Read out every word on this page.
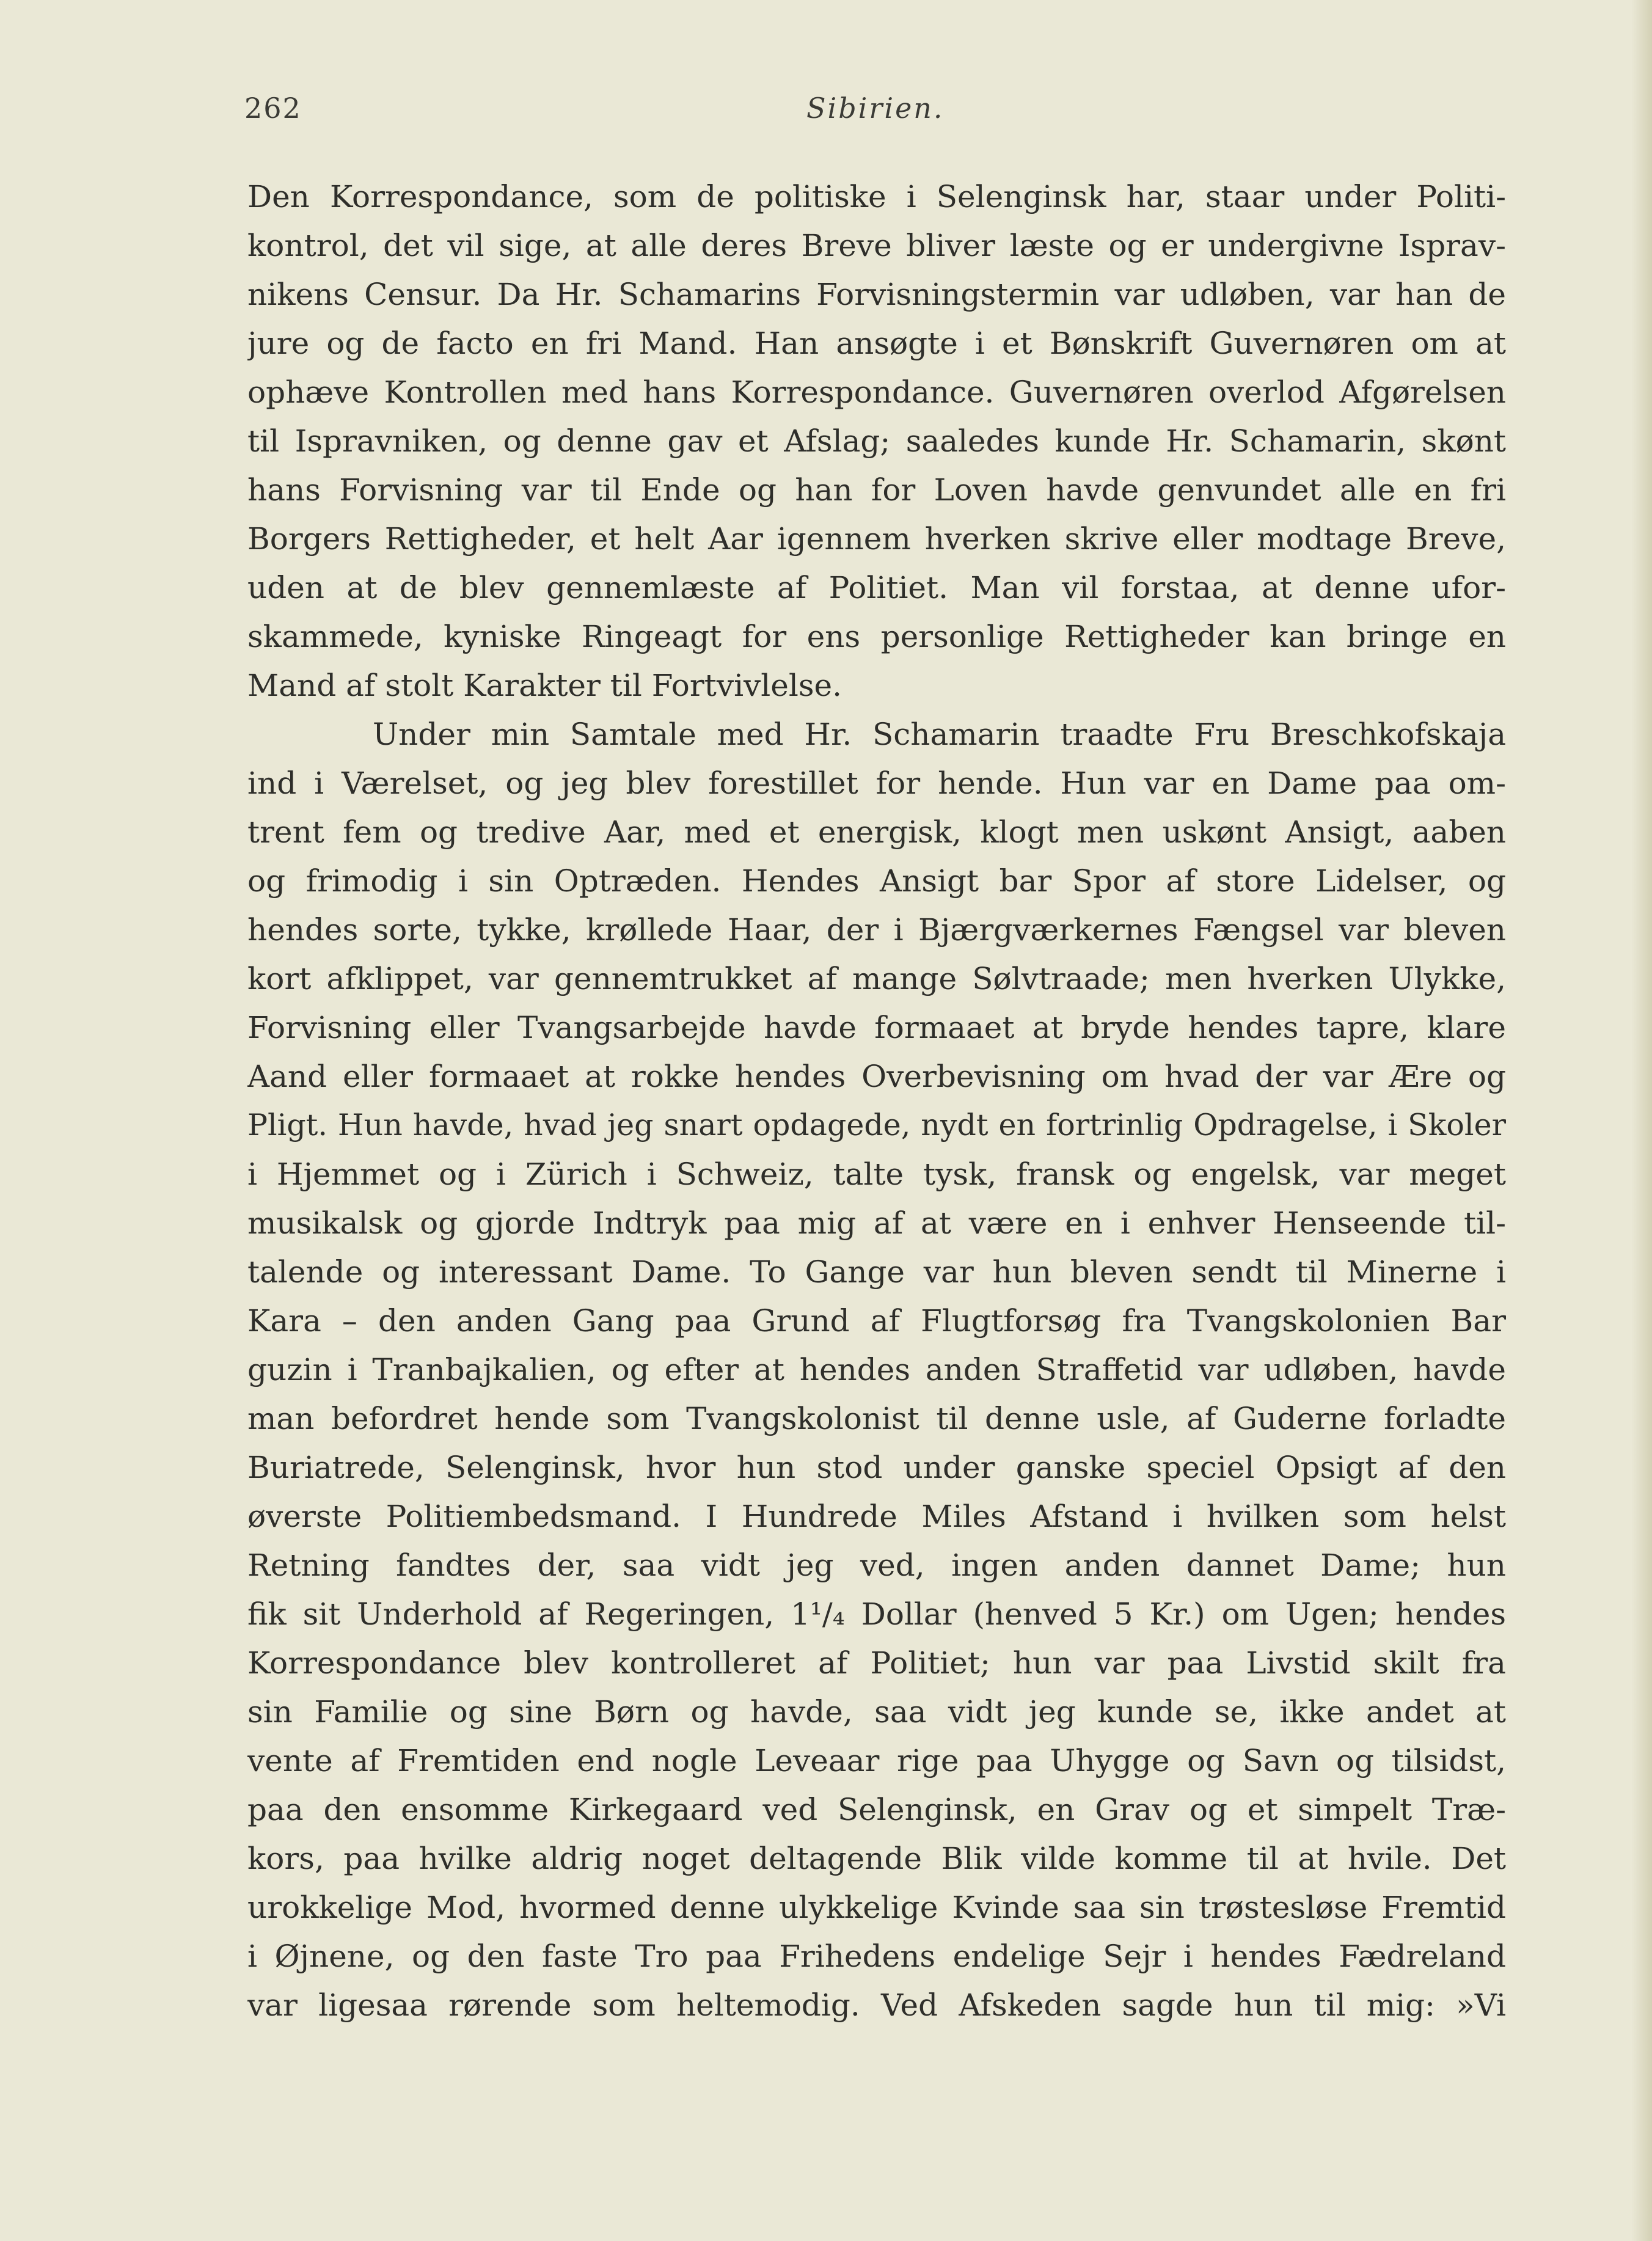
262	Sibirien.
Den Korrespondance, som de politiske i Selenginsk har, staar under Politi-
kontrol, det vil sige, at alle deres Breve bliver læste og er undergivne Isprav-
nikens Censur. Da Hr. Schamarins Forvisningstermin var udløben, var han de
jure og de facto en fri Mand. Han ansøgte i et Bønskrift Guvernøren om at
ophæve Kontrollen med hans Korrespondance. Guvernøren overlod Afgørelsen
til Ispravniken, og denne gav et Afslag; saaledes kunde Hr. Schamarin, skønt
hans Forvisning var til Ende og han for Loven havde genvundet alle en fri
Borgers Rettigheder, et helt Aar igennem hverken skrive eller modtage Breve,
uden at de blev gennemlæste af Politiet. Man vil forstaa, at denne ufor-
skammede, kyniske Ringeagt for ens personlige Rettigheder kan bringe en
Mand af stolt Karakter til Fortvivlelse.
Under min Samtale med Hr. Schamarin traadte Fru Breschkofskaja
ind i Værelset, og jeg blev forestillet for hende. Hun var en Dame paa om-
trent fem og tredive Aar, med et energisk, klogt men uskønt Ansigt, aaben
og frimodig i sin Optræden. Hendes Ansigt bar Spor af store Lidelser, og
hendes sorte, tykke, krøllede Haar, der i Bjærgværkernes Fængsel var bleven
kort afklippet, var gennemtrukket af mange Sølvtraade; men hverken Ulykke,
Forvisning eller Tvangsarbejde havde formaaet at bryde hendes tapre, klare
Aand eller formaaet at rokke hendes Overbevisning om hvad der var Ære og
Pligt. Hun havde, hvad jeg snart opdagede, nydt en fortrinlig Opdragelse, i Skoler
i Hjemmet og i Zürich i Schweiz, talte tysk, fransk og engelsk, var meget
musikalsk og gjorde Indtryk paa mig af at være en i enhver Henseende til-
talende og interessant Dame. To Gange var hun bleven sendt til Minerne i
Kara – den anden Gang paa Grund af Flugtforsøg fra Tvangskolonien Bar
guzin i Tranbajkalien, og efter at hendes anden Straffetid var udløben, havde
man befordret hende som Tvangskolonist til denne usle, af Guderne forladte
Buriatrede, Selenginsk, hvor hun stod under ganske speciel Opsigt af den
øverste Politiembedsmand. I Hundrede Miles Afstand i hvilken som helst
Retning fandtes der, saa vidt jeg ved, ingen anden dannet Dame; hun
fik sit Underhold af Regeringen, 1¹/₄ Dollar (henved 5 Kr.) om Ugen; hendes
Korrespondance blev kontrolleret af Politiet; hun var paa Livstid skilt fra
sin Familie og sine Børn og havde, saa vidt jeg kunde se, ikke andet at
vente af Fremtiden end nogle Leveaar rige paa Uhygge og Savn og tilsidst,
paa den ensomme Kirkegaard ved Selenginsk, en Grav og et simpelt Træ-
kors, paa hvilke aldrig noget deltagende Blik vilde komme til at hvile. Det
urokkelige Mod, hvormed denne ulykkelige Kvinde saa sin trøstesløse Fremtid
i Øjnene, og den faste Tro paa Frihedens endelige Sejr i hendes Fædreland
var ligesaa rørende som heltemodig. Ved Afskeden sagde hun til mig: »Vi
